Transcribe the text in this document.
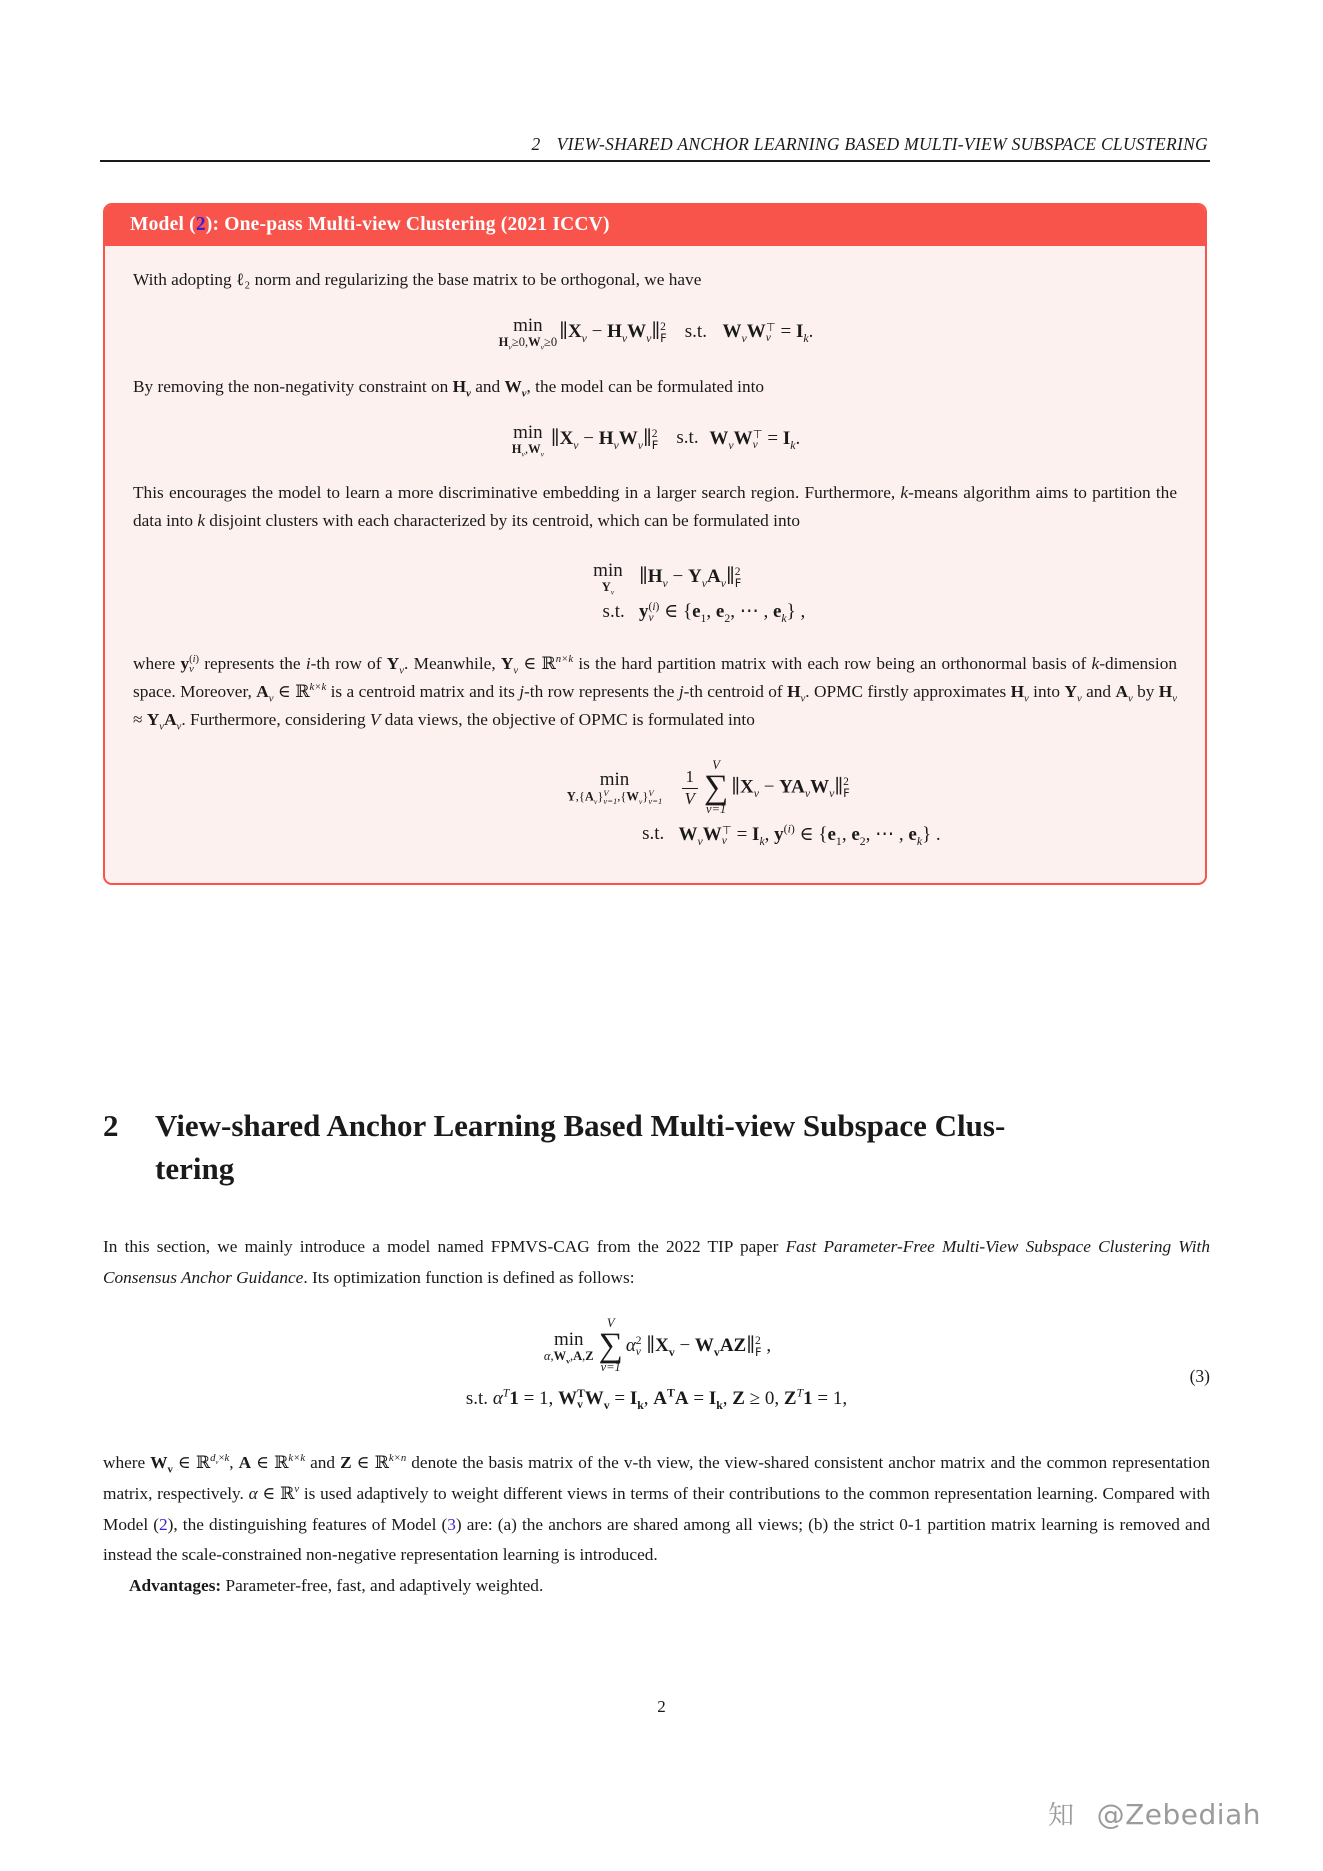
2 VIEW-SHARED ANCHOR LEARNING BASED MULTI-VIEW SUBSPACE CLUSTERING
Model (2): One-pass Multi-view Clustering (2021 ICCV)

With adopting ℓ₂ norm and regularizing the base matrix to be orthogonal, we have

min
$H_v\ge 0,W_v\ge 0$ $\parallel X_v$ − $H_vW_v\parallel$ 2
F s.t. $W_vW$ ⊤
$v = I_k$.

By removing the non-negativity constraint on $H_v$ and $W_v$, the model can be formulated into

min
$H_v,W_v$
$\parallel X_v$ − $H_vW_v\parallel$ 2
F s.t. $W_vW$ ⊤
$v = I_k$.

This encourages the model to learn a more discriminative embedding in a larger search region. Furthermore, k-means algorithm aims to partition the data into k disjoint clusters with each characterized by its centroid, which can be formulated into

min
$Y_v$
$\parallel H_v$ − $Y_vA_v\parallel$ 2
F
s.t. y (i)
v ∈ {$e_1$, $e_2$, ⋯ , $e_k$} ,

where y (i)
v represents the i-th row of $Y_v$. Meanwhile, $Y_v$ ∈ ℝ$^{n\times k}$ is the hard partition matrix with each row being an orthonormal basis of k-dimension space. Moreover, $A_v$ ∈ ℝ$^{k\times k}$ is a centroid matrix and its j-th row represents the j-th centroid of $H_v$. OPMC firstly approximates $H_v$ into $Y_v$ and $A_v$ by $H_v \approx Y_vA_v$. Furthermore, considering V data views, the objective of OPMC is formulated into

min
$Y,\{A_v\}$ V
v=1 $,\{W_v\}$ V
v=1
$\frac{1}{V}$
V
∑
v=1
$\parallel X_v$ − $YA_vW_v\parallel$ 2
F
s.t. $W_vW$ ⊤
$v = I_k$, $y^{(i)}$ ∈ {$e_1$, $e_2$, ⋯ , $e_k$} .
2 View-shared Anchor Learning Based Multi-view Subspace Clus-
tering

In this section, we mainly introduce a model named FPMVS-CAG from the 2022 TIP paper Fast Parameter-Free Multi-View Subspace Clustering With Consensus Anchor Guidance. Its optimization function is defined as follows:

min
$\alpha,W_v,A,Z$
V
∑
v=1
α 2
v $\parallel X_v$ − $W_vAZ\parallel$ 2
F ,
s.t. $\alpha^T1 = 1$, W T
v $W_v = I_k$, $A^TA = I_k$, Z ≥ 0, $Z^T1 = 1$,
(3)

where $W_v$ ∈ ℝ$^{d_v\times k}$, A ∈ ℝ$^{k\times k}$ and Z ∈ ℝ$^{k\times n}$ denote the basis matrix of the v-th view, the view-shared consistent anchor matrix and the common representation matrix, respectively. α ∈ ℝ$^v$ is used adaptively to weight different views in terms of their contributions to the common representation learning. Compared with Model (2), the distinguishing features of Model (3) are: (a) the anchors are shared among all views; (b) the strict 0-1 partition matrix learning is removed and instead the scale-constrained non-negative representation learning is introduced.

Advantages: Parameter-free, fast, and adaptively weighted.

2
知 @Zebediah
